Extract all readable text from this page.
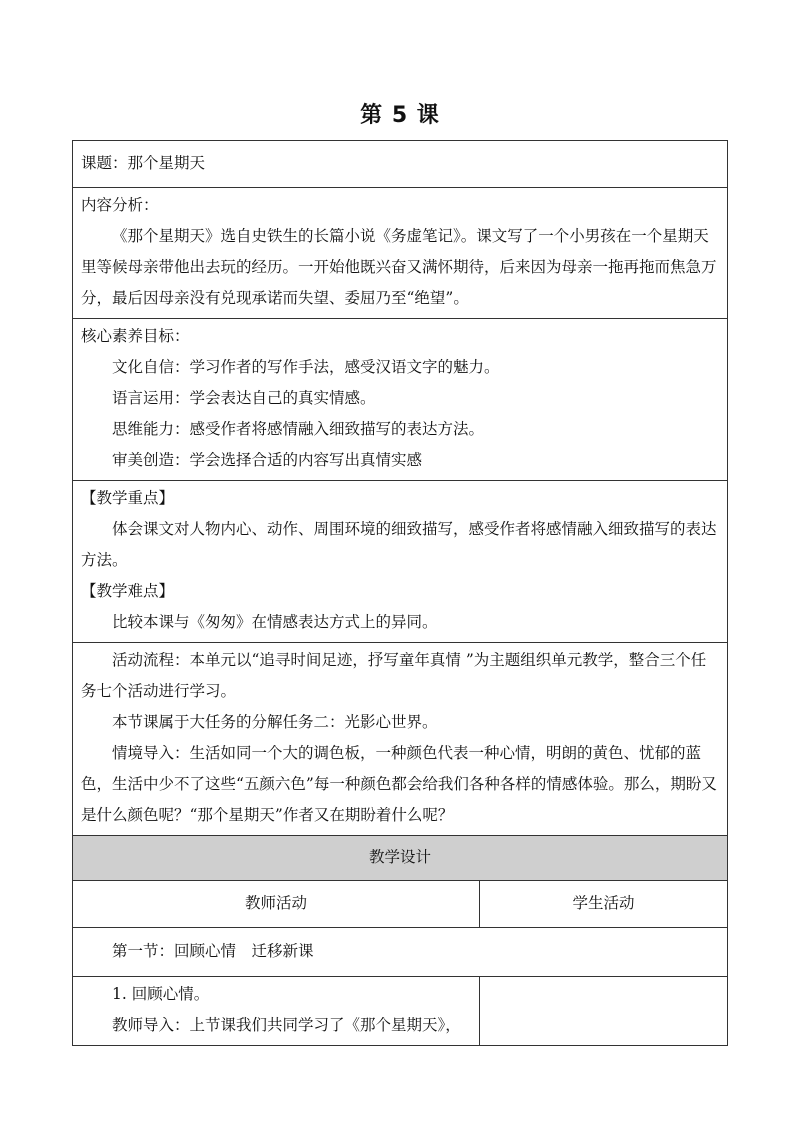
第 5 课

课题：那个星期天	

内容分析：

《那个星期天》选自史铁生的长篇小说《务虚笔记》。课文写了一个小男孩在一个星期天里等候母亲带他出去玩的经历。一开始他既兴奋又满怀期待，后来因为母亲一拖再拖而焦急万分，最后因母亲没有兑现承诺而失望、委屈乃至“绝望”。	

核心素养目标：

文化自信：学习作者的写作手法，感受汉语文字的魅力。

语言运用：学会表达自己的真实情感。

思维能力：感受作者将感情融入细致描写的表达方法。

审美创造：学会选择合适的内容写出真情实感	

【教学重点】

体会课文对人物内心、动作、周围环境的细致描写，感受作者将感情融入细致描写的表达方法。

【教学难点】

比较本课与《匆匆》在情感表达方式上的异同。	

活动流程：本单元以“追寻时间足迹，抒写童年真情 ”为主题组织单元教学，整合三个任务七个活动进行学习。

本节课属于大任务的分解任务二：光影心世界。

情境导入：生活如同一个大的调色板，一种颜色代表一种心情，明朗的黄色、忧郁的蓝色，生活中少不了这些“五颜六色”每一种颜色都会给我们各种各样的情感体验。那么，期盼又是什么颜色呢？“那个星期天”作者又在期盼着什么呢？	

教学设计	
教师活动	学生活动

第一节：回顾心情　迁移新课	

1. 回顾心情。

教师导入：上节课我们共同学习了《那个星期天》，	
